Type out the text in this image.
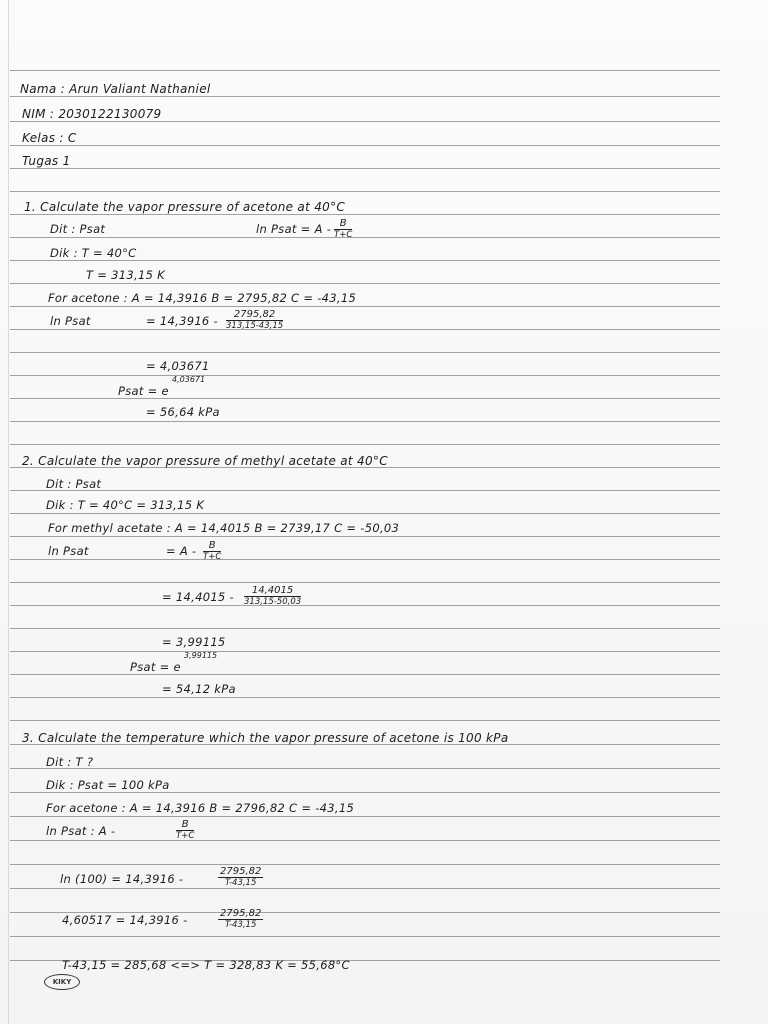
Nama : Arun Valiant Nathaniel
NIM : 2030122130079
Kelas : C
Tugas 1
1. Calculate the vapor pressure of acetone at 40°C
Dit : Psat	ln Psat = A - $\frac{B}{T+C}$
Dik : T = 40°C
T = 313,15 K
For acetone : A = 14,3916 B = 2795,82 C = -43,15
ln Psat	= $14,3916 - \frac{2795,82}{313,15-43,15}$
= 4,03671
Psat = e
4,03671
= 56,64 kPa
2. Calculate the vapor pressure of methyl acetate at 40°C
Dit : Psat
Dik : T = 40°C = 313,15 K
For methyl acetate : A = 14,4015 B = 2739,17 C = -50,03
ln Psat	= A - $\frac{B}{T+C}$
= $14,4015 - \frac{14,4015}{313,15-50,03}$
= 3,99115
Psat = e
3,99115
= 54,12 kPa
3. Calculate the temperature which the vapor pressure of acetone is 100 kPa
Dit : T ?
Dik : Psat = 100 kPa
For acetone : A = 14,3916 B = 2796,82 C = -43,15
ln Psat : A -	$\frac{B}{T+C}$
ln (100) = 14,3916 -	$\frac{2795,82}{T-43,15}$
4,60517 = 14,3916 -	$\frac{2795,82}{T-43,15}$
T-43,15 = 285,68 <=> T = 328,83 K = 55,68°C
KIKY
